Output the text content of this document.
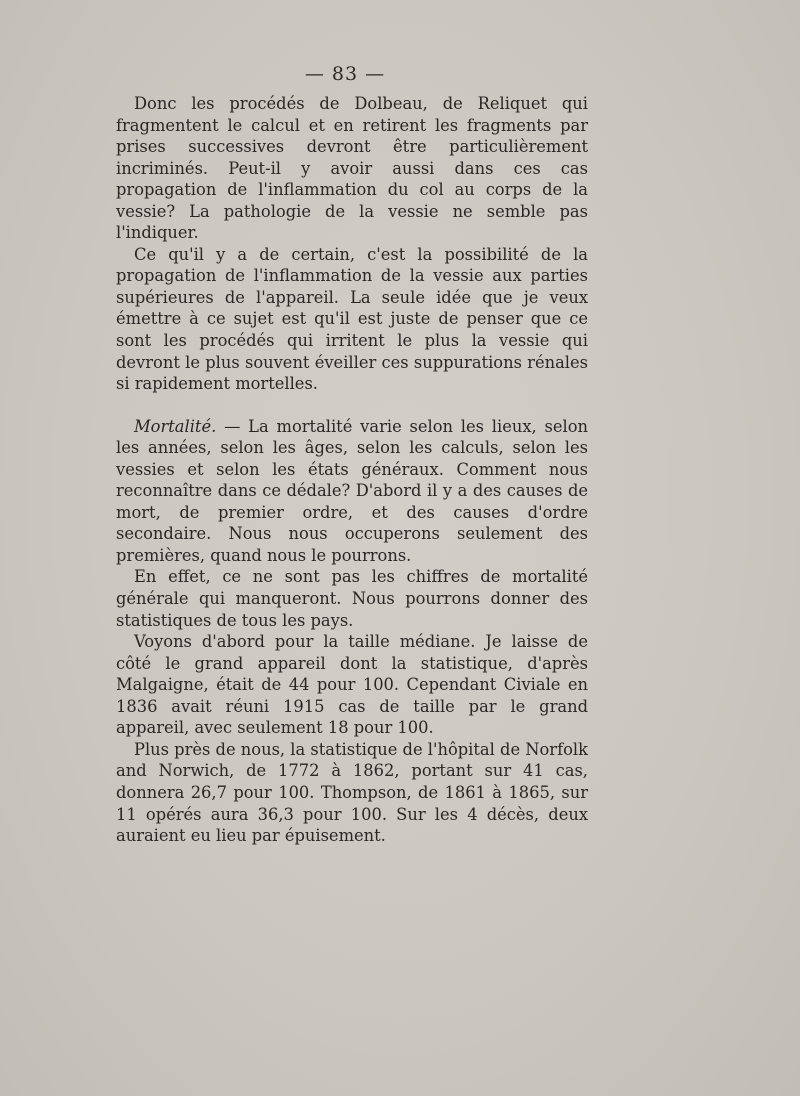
— 83 —

Donc les procédés de Dolbeau, de Reliquet qui fragmentent le calcul et en retirent les fragments par prises successives devront être particulièrement incriminés. Peut-il y avoir aussi dans ces cas propagation de l'inflammation du col au corps de la vessie? La pathologie de la vessie ne semble pas l'indiquer.

Ce qu'il y a de certain, c'est la possibilité de la propagation de l'inflammation de la vessie aux parties supérieures de l'appareil. La seule idée que je veux émettre à ce sujet est qu'il est juste de penser que ce sont les procédés qui irritent le plus la vessie qui devront le plus souvent éveiller ces suppurations rénales si rapidement mortelles.

Mortalité. — La mortalité varie selon les lieux, selon les années, selon les âges, selon les calculs, selon les vessies et selon les états généraux. Comment nous reconnaître dans ce dédale? D'abord il y a des causes de mort, de premier ordre, et des causes d'ordre secondaire. Nous nous occuperons seulement des premières, quand nous le pourrons.

En effet, ce ne sont pas les chiffres de mortalité générale qui manqueront. Nous pourrons donner des statistiques de tous les pays.

Voyons d'abord pour la taille médiane. Je laisse de côté le grand appareil dont la statistique, d'après Malgaigne, était de 44 pour 100. Cependant Civiale en 1836 avait réuni 1915 cas de taille par le grand appareil, avec seulement 18 pour 100.

Plus près de nous, la statistique de l'hôpital de Norfolk and Norwich, de 1772 à 1862, portant sur 41 cas, donnera 26,7 pour 100. Thompson, de 1861 à 1865, sur 11 opérés aura 36,3 pour 100. Sur les 4 décès, deux auraient eu lieu par épuisement.
